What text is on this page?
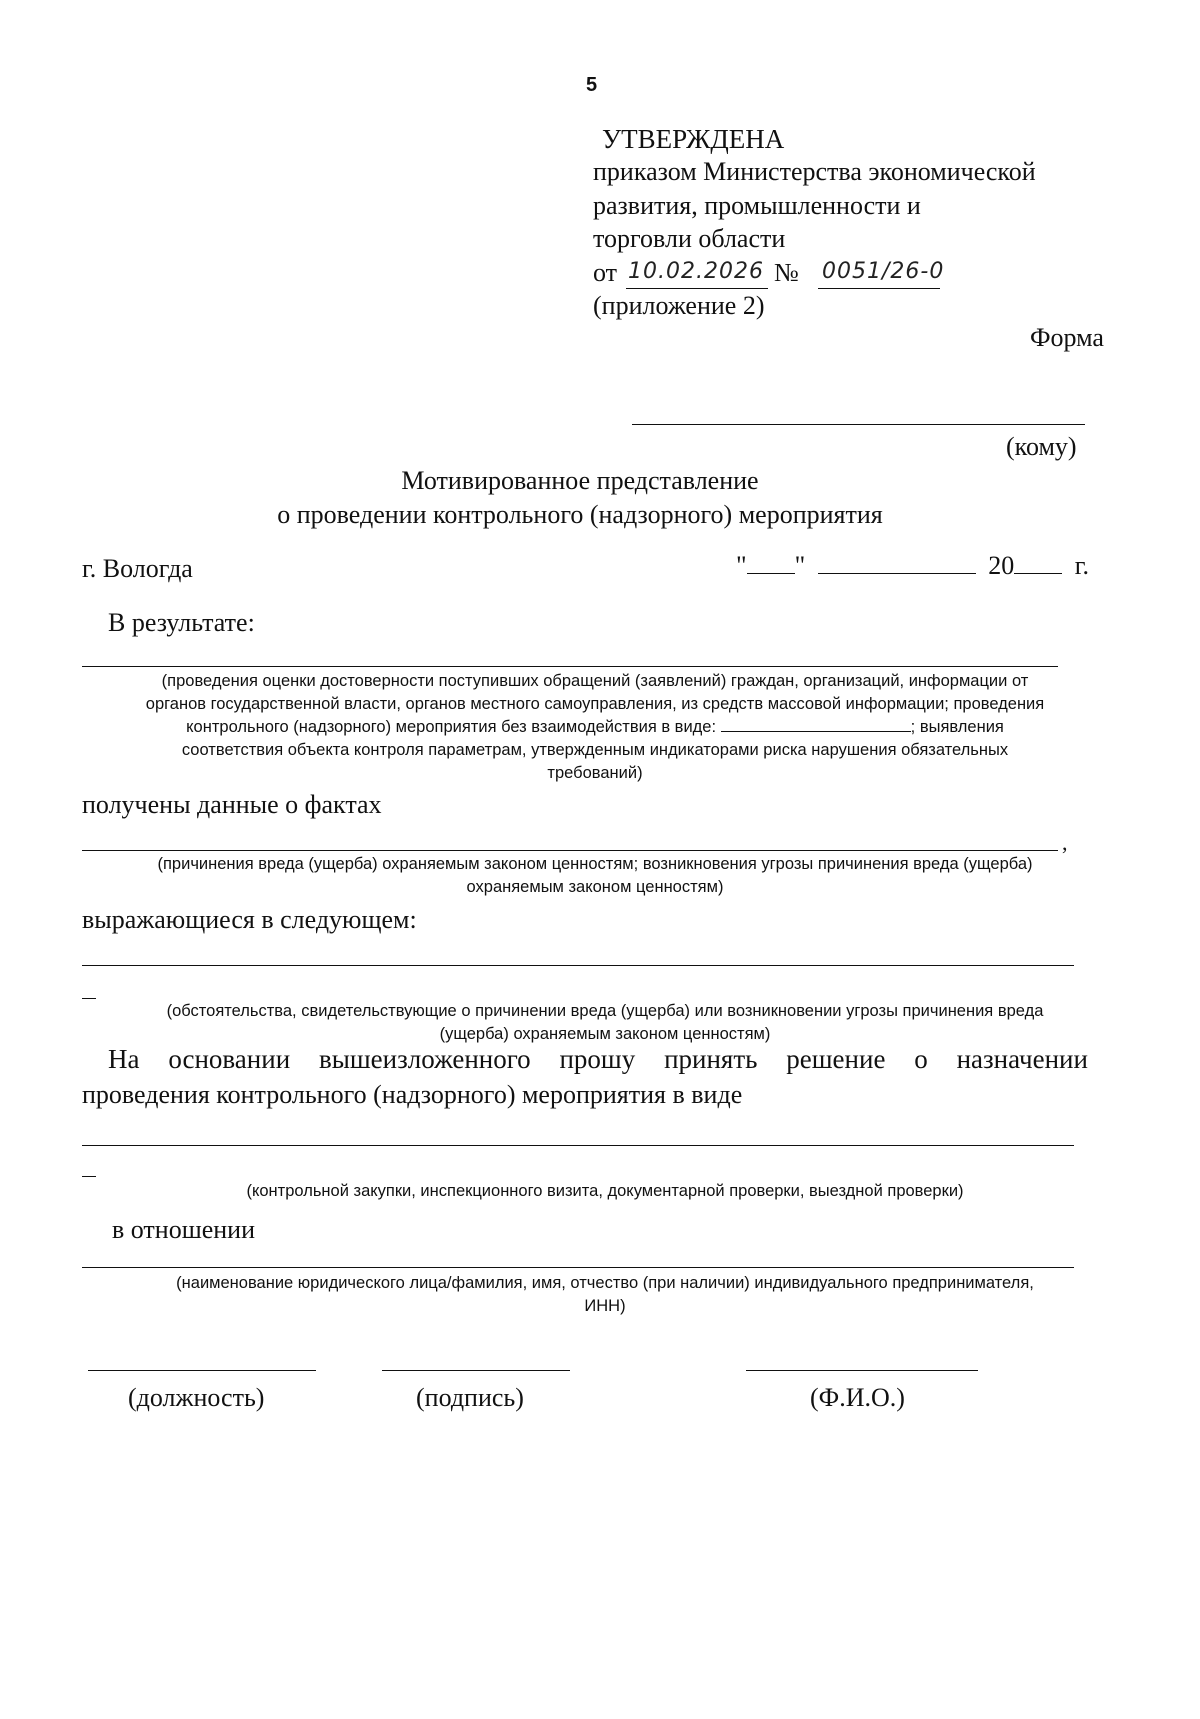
5
УТВЕРЖДЕНА
приказом Министерства экономической
развития, промышленности и
торговли области
от 10.02.2026 № 0051/26-0
(приложение 2)
Форма
(кому)
Мотивированное представление
о проведении контрольного (надзорного) мероприятия
г. Вологда	" "	20 г.
В результате:

(проведения оценки достоверности поступивших обращений (заявлений) граждан, организаций, информации от

органов государственной власти, органов местного самоуправления, из средств массовой информации; проведения

контрольного (надзорного) мероприятия без взаимодействия в виде:	; выявления

соответствия объекта контроля параметрам, утвержденным индикаторами риска нарушения обязательных

требований)

получены данные о фактах
,

(причинения вреда (ущерба) охраняемым законом ценностям; возникновения угрозы причинения вреда (ущерба)

охраняемым законом ценностям)

выражающиеся в следующем:

(обстоятельства, свидетельствующие о причинении вреда (ущерба) или возникновении угрозы причинения вреда

(ущерба) охраняемым законом ценностям)

На основании вышеизложенного прошу принять решение о назначении
проведения контрольного (надзорного) мероприятия в виде
(контрольной закупки, инспекционного визита, документарной проверки, выездной проверки)
в отношении

(наименование юридического лица/фамилия, имя, отчество (при наличии) индивидуального предпринимателя,

ИНН)

(должность)	(подпись)	(Ф.И.О.)
